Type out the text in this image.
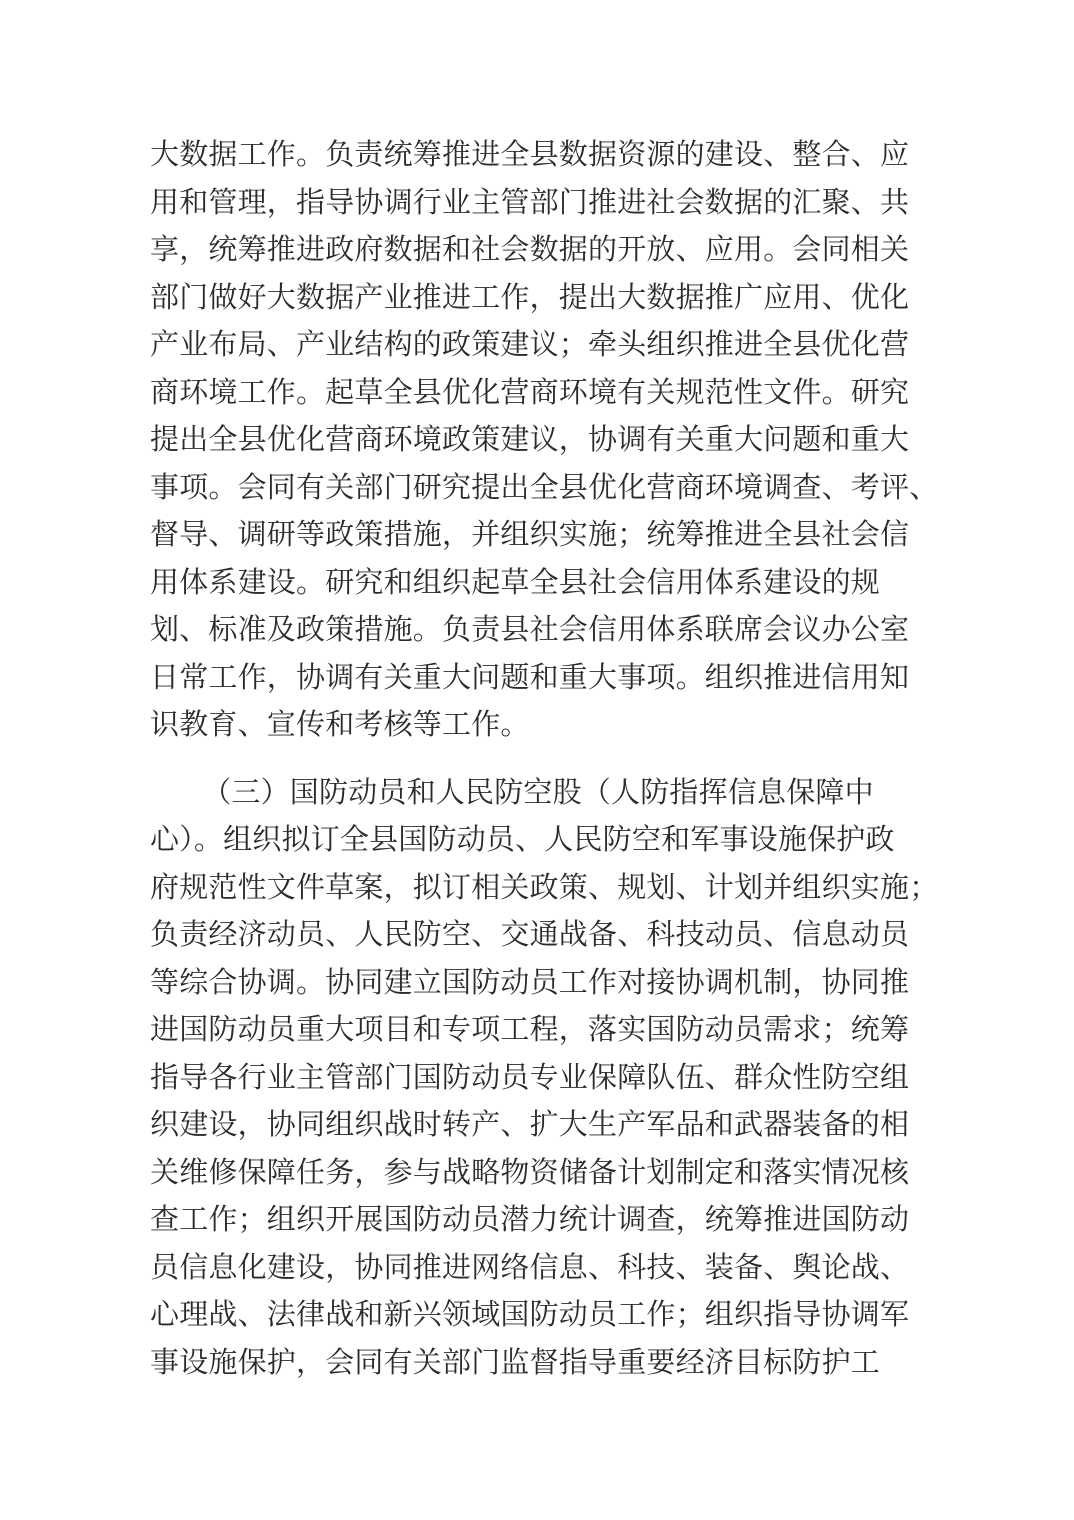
大数据工作。负责统筹推进全县数据资源的建设、整合、应
用和管理，指导协调行业主管部门推进社会数据的汇聚、共
享，统筹推进政府数据和社会数据的开放、应用。会同相关
部门做好大数据产业推进工作，提出大数据推广应用、优化
产业布局、产业结构的政策建议；牵头组织推进全县优化营
商环境工作。起草全县优化营商环境有关规范性文件。研究
提出全县优化营商环境政策建议，协调有关重大问题和重大
事项。会同有关部门研究提出全县优化营商环境调查、考评、
督导、调研等政策措施，并组织实施；统筹推进全县社会信
用体系建设。研究和组织起草全县社会信用体系建设的规
划、标准及政策措施。负责县社会信用体系联席会议办公室
日常工作，协调有关重大问题和重大事项。组织推进信用知
识教育、宣传和考核等工作。
（三）国防动员和人民防空股（人防指挥信息保障中
心）。组织拟订全县国防动员、人民防空和军事设施保护政
府规范性文件草案，拟订相关政策、规划、计划并组织实施；
负责经济动员、人民防空、交通战备、科技动员、信息动员
等综合协调。协同建立国防动员工作对接协调机制，协同推
进国防动员重大项目和专项工程，落实国防动员需求；统筹
指导各行业主管部门国防动员专业保障队伍、群众性防空组
织建设，协同组织战时转产、扩大生产军品和武器装备的相
关维修保障任务，参与战略物资储备计划制定和落实情况核
查工作；组织开展国防动员潜力统计调查，统筹推进国防动
员信息化建设，协同推进网络信息、科技、装备、舆论战、
心理战、法律战和新兴领域国防动员工作；组织指导协调军
事设施保护，会同有关部门监督指导重要经济目标防护工
